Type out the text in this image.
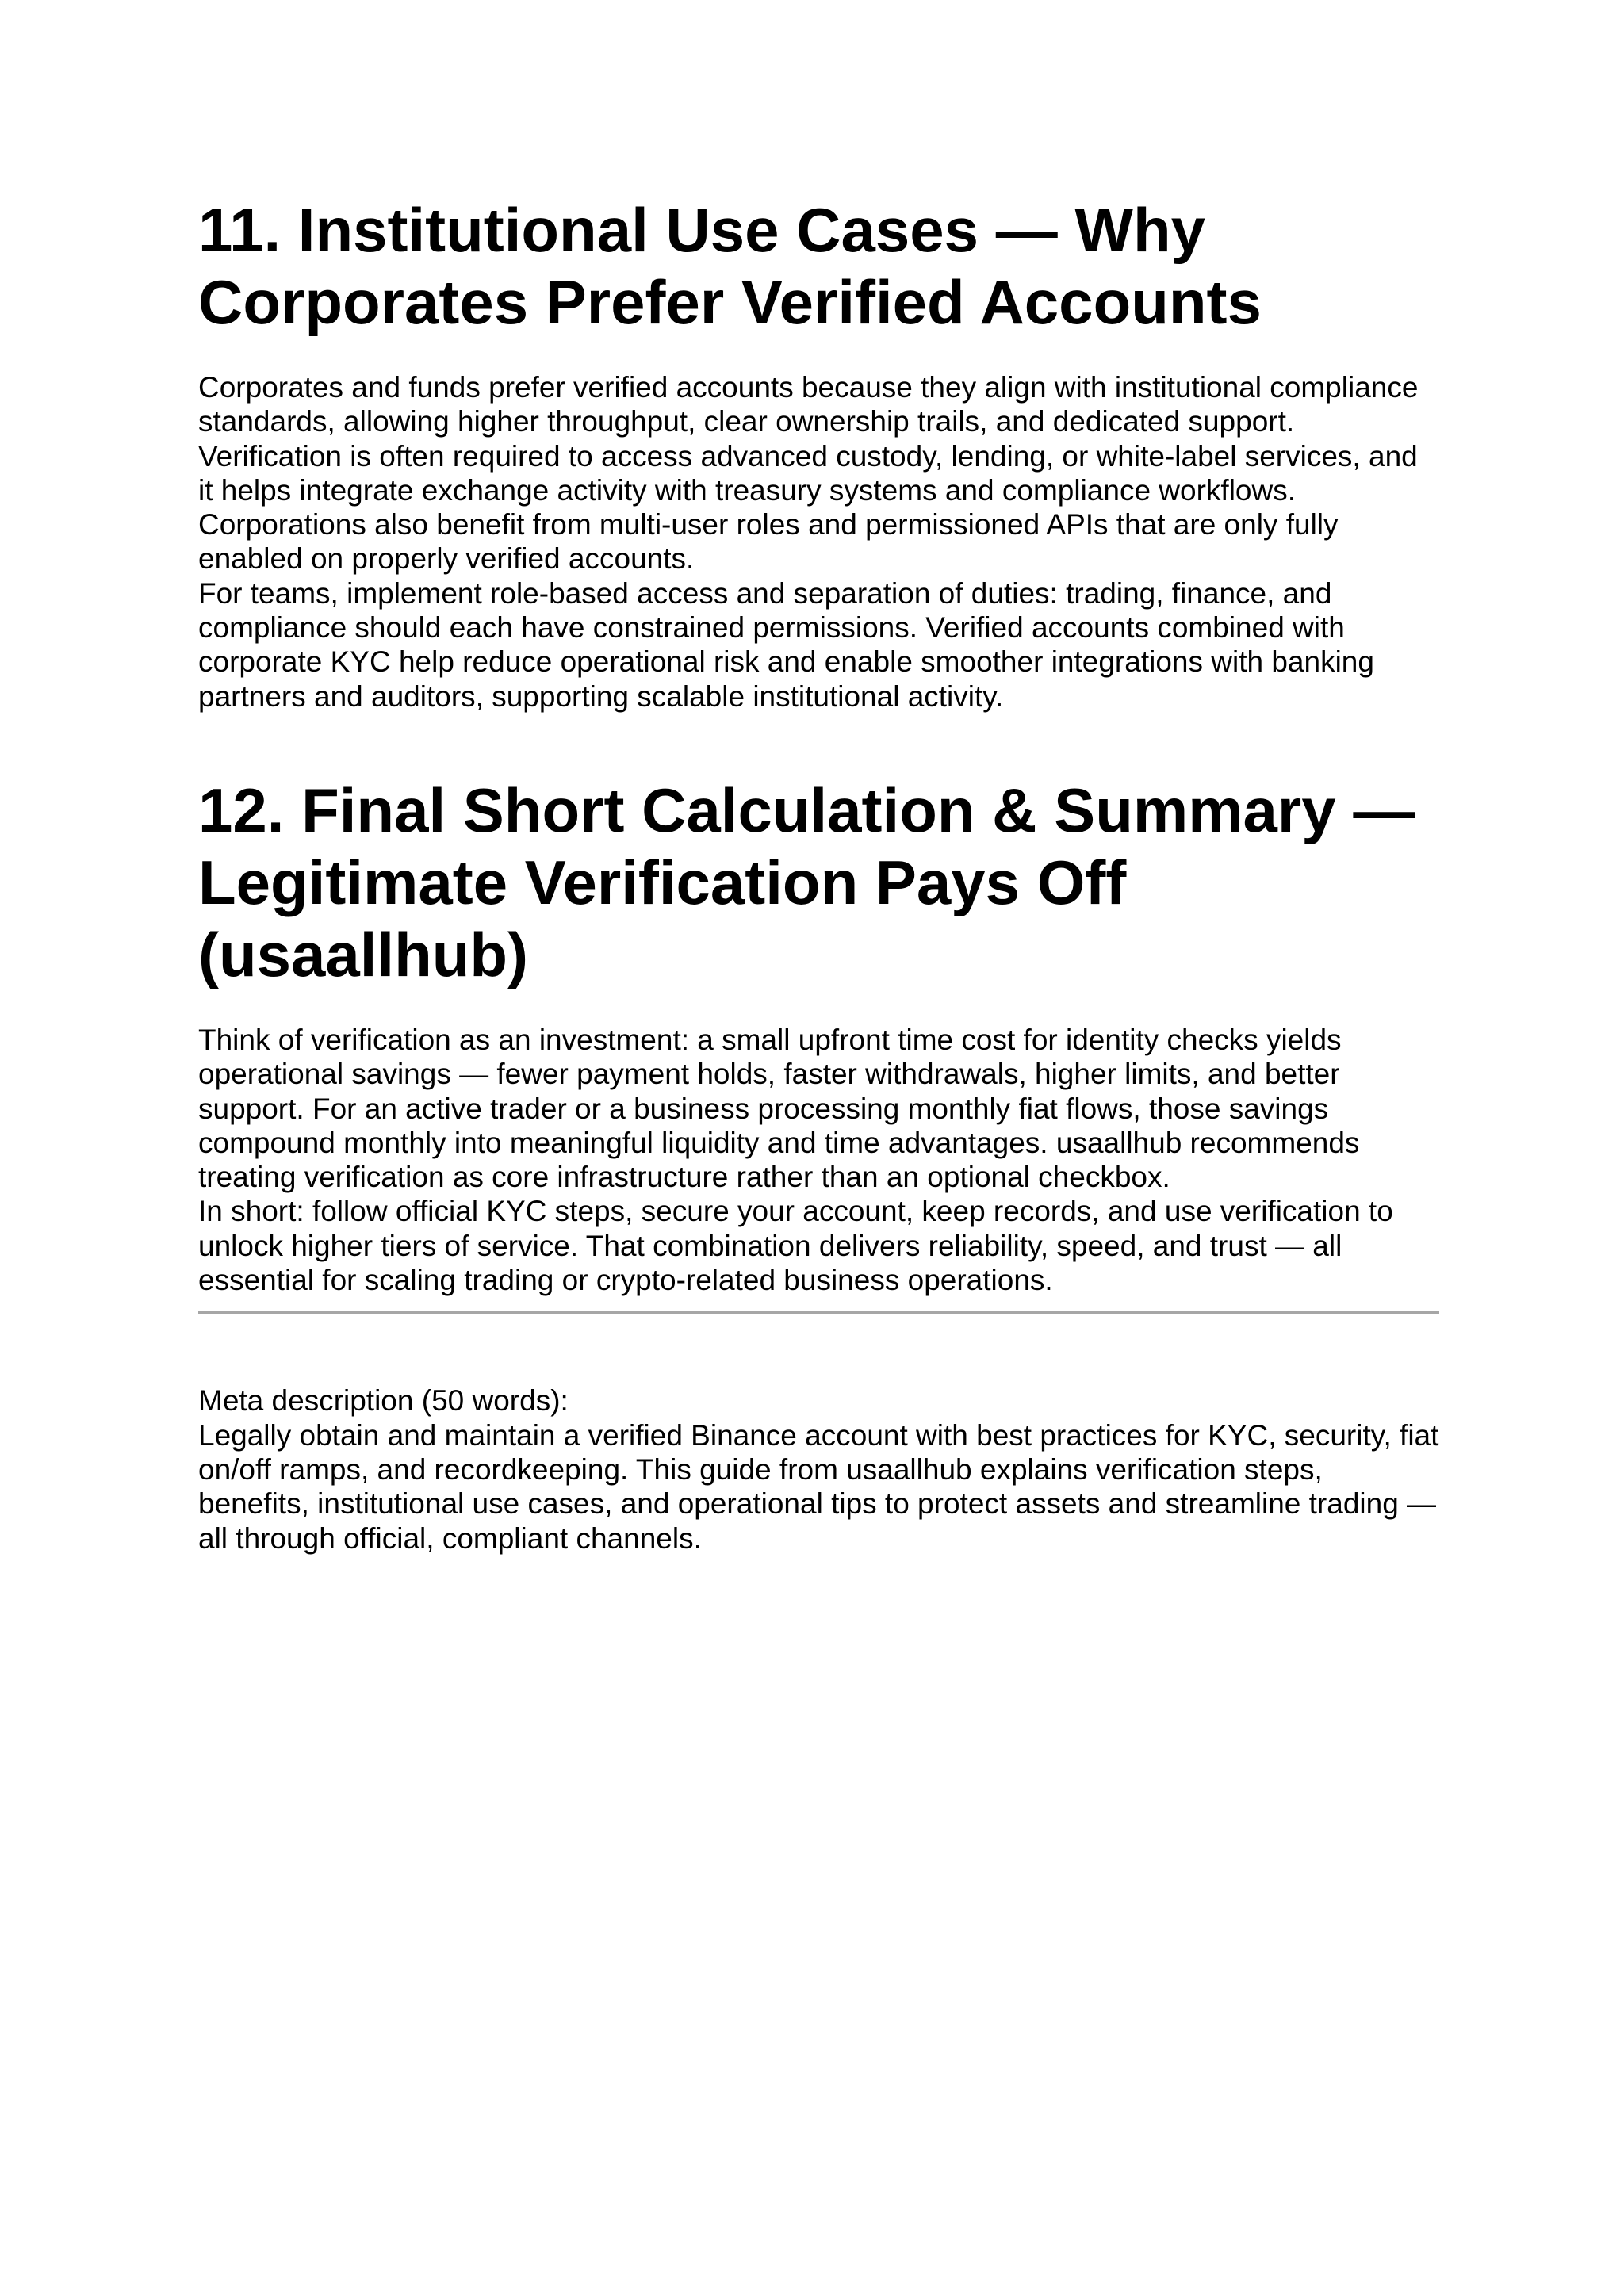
11. Institutional Use Cases — Why Corporates Prefer Verified Accounts

Corporates and funds prefer verified accounts because they align with institutional compliance standards, allowing higher throughput, clear ownership trails, and dedicated support. Verification is often required to access advanced custody, lending, or white-label services, and it helps integrate exchange activity with treasury systems and compliance workflows. Corporations also benefit from multi-user roles and permissioned APIs that are only fully enabled on properly verified accounts.

For teams, implement role-based access and separation of duties: trading, finance, and compliance should each have constrained permissions. Verified accounts combined with corporate KYC help reduce operational risk and enable smoother integrations with banking partners and auditors, supporting scalable institutional activity.

12. Final Short Calculation & Summary — Legitimate Verification Pays Off (usaallhub)

Think of verification as an investment: a small upfront time cost for identity checks yields operational savings — fewer payment holds, faster withdrawals, higher limits, and better support. For an active trader or a business processing monthly fiat flows, those savings compound monthly into meaningful liquidity and time advantages. usaallhub recommends treating verification as core infrastructure rather than an optional checkbox.

In short: follow official KYC steps, secure your account, keep records, and use verification to unlock higher tiers of service. That combination delivers reliability, speed, and trust — all essential for scaling trading or crypto-related business operations.

Meta description (50 words):

Legally obtain and maintain a verified Binance account with best practices for KYC, security, fiat on/off ramps, and recordkeeping. This guide from usaallhub explains verification steps, benefits, institutional use cases, and operational tips to protect assets and streamline trading — all through official, compliant channels.
